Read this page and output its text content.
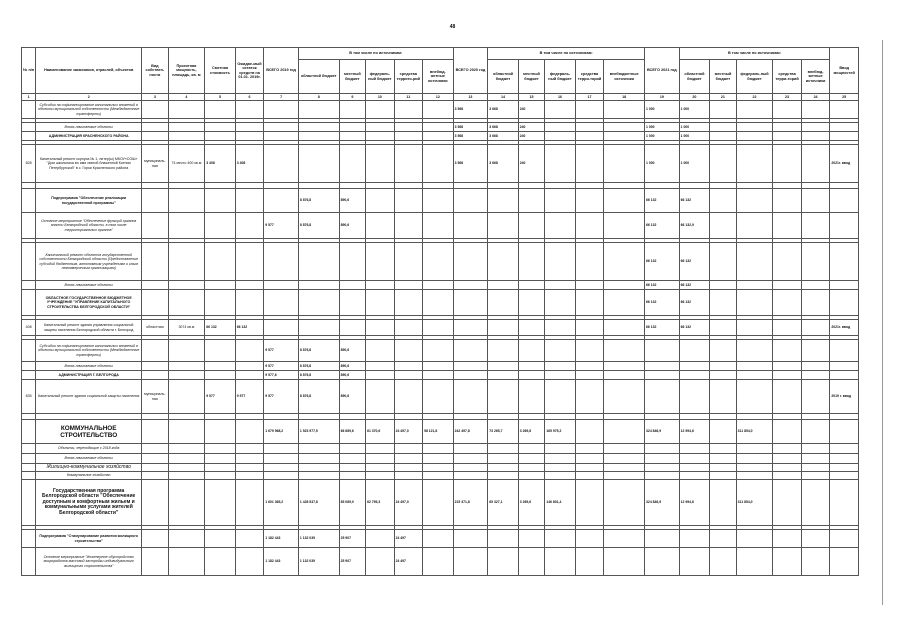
48
№ п/п	Наименование заказчиков, отраслей, объектов	Вид собствен-ности	Проектная мощность, площадь, кв. м	Сметная стоимость	Ожидае-мый остаток средств на 01.01. 2019г.	ВСЕГО 2019 год	В том числе по источникам:					ВСЕГО 2020 год	В том числе по источникам:					ВСЕГО 2021 год	В том числе по источникам:					Ввод мощностей
							областной бюджет	местный бюджет	федераль-ный бюджет	средства террито-рий	внебюд-жетные источники		областной бюджет	местный бюджет	федераль-ный бюджет	средства терри-торий	внебюджетные источники		областной бюджет	местный бюджет	федераль-ный бюджет	средства терри-торий	внебюд-жетные источники	
1	2	3	4	5	6	7	8	9	10	11	12	13	14	15	16	17	18	19	20	21	22	23	24	25
	Субсидии на софинансирование капитальных вложений в объекты муниципальной собственности (Межбюджетные трансферты)											3 568	3 668	240				1 000	1 000					

	Вновь начинаемые объекты											3 568	3 668	240				1 000	1 000					
	АДМИНИСТРАЦИЯ КРАСНЕНСКОГО РАЙОНА											3 568	3 668	240				1 000	1 000					

828	Капитальный ремонт корпуса № 1, литер(ы) МКОУ«СОШ» "Дом школьника во имя святой блаженной Ксении Петербургской" в с. Горки Красненского района	муниципаль-ная	74 место 400 кв.м	3 408	3 408							3 568	3 668	240				1 000	1 000					2021г. ввод

	Подпрограмма "Обеспечение реализации государственной программы"						8 876,8	890,6										66 132	66 132					
	Основное мероприятие "Обеспечение функций органов власти Белгородской области, в том числе территориальных органов"					9 577	8 876,8	890,6										66 132	66 132,9					

	Капитальный ремонт объектов государственной собственности Белгородской области (Предоставление субсидий бюджетным, автономным учреждениям и иным некоммерческим организациям)																	66 132	66 132					
	Вновь начинаемые объекты																	66 132	66 132					
	ОБЛАСТНОЕ ГОСУДАРСТВЕННОЕ БЮДЖЕТНОЕ УЧРЕЖДЕНИЕ "УПРАВЛЕНИЕ КАПИТАЛЬНОГО СТРОИТЕЛЬСТВА БЕЛГОРОДСКОЙ ОБЛАСТИ"																	66 132	66 132					

408	Капитальный ремонт здания управления социальной защиты населения Белгородской области г. Белгород	областная	3074 кв.м	66 132	66 132													66 132	66 132					2021г. ввод

	Субсидии на софинансирование капитальных вложений в объекты муниципальной собственности (Межбюджетные трансферты)					9 577	8 876,8	890,6																
	Вновь начинаемые объекты					9 577	8 876,8	890,6																
	АДМИНИСТРАЦИЯ Г. БЕЛГОРОДА					9 577,6	8 876,8	890,6																
835	Капитальный ремонт здания социальной защиты населения	муниципаль-ная		9 577	9 577	9 577	8 876,8	890,6																2019 г. ввод

	КОММУНАЛЬНОЕ СТРОИТЕЛЬСТВО					1 679 968,2	1 523 977,5	66 689,6	61 370,6	24 497,0	58 121,8	242 497,8	73 265,7	3 269,8	165 975,2			324 846,9	12 994,6		311 854,0			
	Объекты, переходящие с 2018 года																							
	Вновь начинаемые объекты																							
	Жилищно-коммунальное хозяйство																							
	Коммунальное хозяйство																							
	Государственная программа Белгородской области "Обеспечение доступным и комфортным жильем и коммунальными услугами жителей Белгородской области"					1 601 365,2	1 428 537,8	65 089,0	62 795,3	24 497,0		215 371,8	65 327,1	3 269,6	146 801,4			324 846,9	12 994,6		311 854,0			

	Подпрограмма "Стимулирование развития жилищного строительства"					1 182 443	1 132 039	25 907		24 497														
	Основное мероприятие "Инженерное обустройство микрорайонов массовой застройки индивидуального жилищного строительства"					1 182 443	1 132 039	25 907		24 497														
